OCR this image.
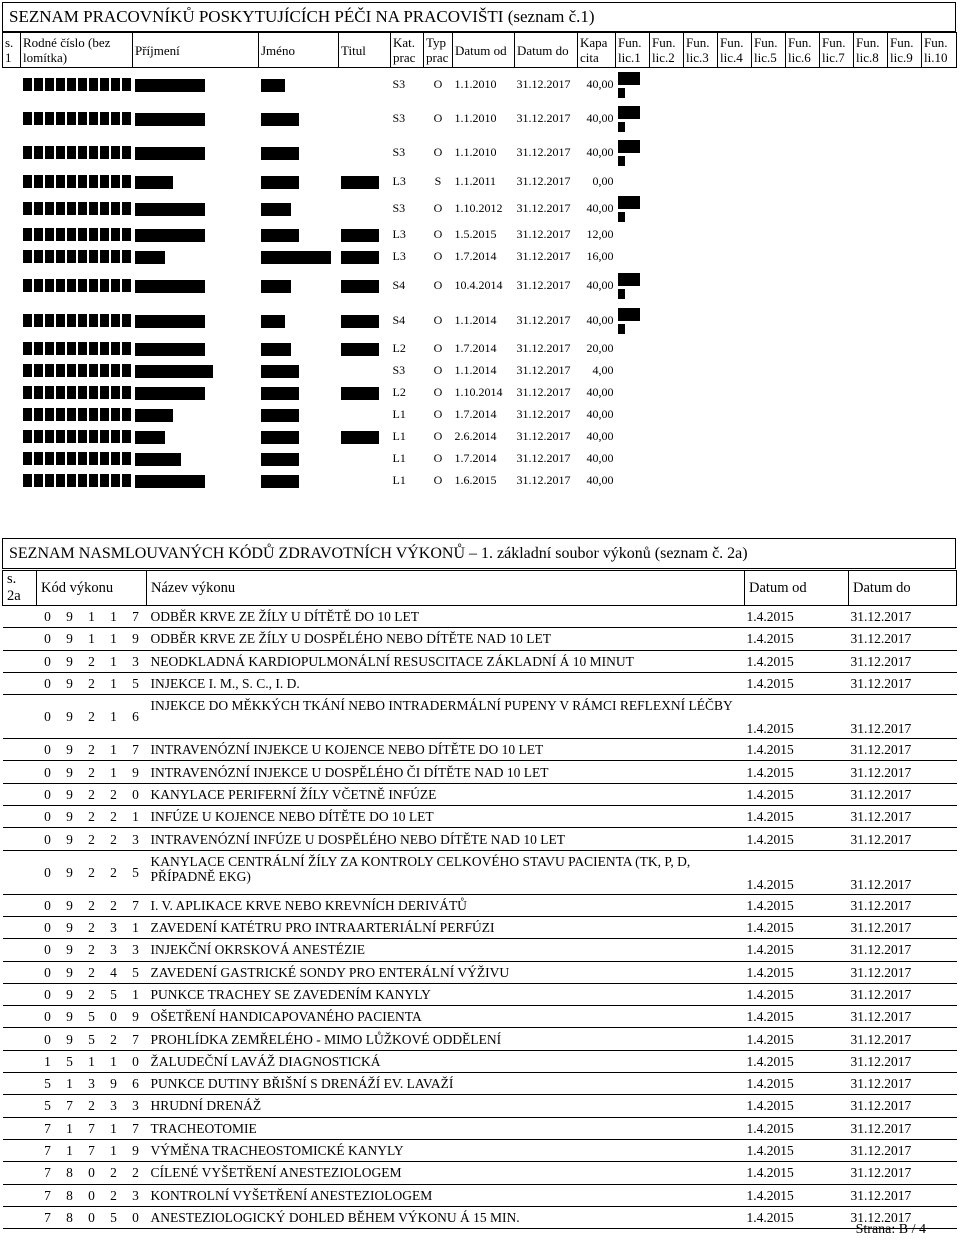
SEZNAM PRACOVNÍKŮ POSKYTUJÍCÍCH PÉČI NA PRACOVIŠTI (seznam č.1)
s. 1	Rodné číslo (bez lomítka)	Příjmení	Jméno	Titul	Kat. prac	Typ prac	Datum od	Datum do	Kapa cita	Fun. lic.1	Fun. lic.2	Fun. lic.3	Fun. lic.4	Fun. lic.5	Fun. lic.6	Fun. lic.7	Fun. lic.8	Fun. lic.9	Fun. li.10

				S3	O	1.1.2010	31.12.2017	40,00	

				S3	O	1.1.2010	31.12.2017	40,00	

				S3	O	1.1.2010	31.12.2017	40,00	

				L3	S	1.1.2011	31.12.2017	0,00										

				S3	O	1.10.2012	31.12.2017	40,00	

				L3	O	1.5.2015	31.12.2017	12,00										

				L3	O	1.7.2014	31.12.2017	16,00										

				S4	O	10.4.2014	31.12.2017	40,00	

				S4	O	1.1.2014	31.12.2017	40,00	

				L2	O	1.7.2014	31.12.2017	20,00										

				S3	O	1.1.2014	31.12.2017	4,00										

				L2	O	1.10.2014	31.12.2017	40,00										

				L1	O	1.7.2014	31.12.2017	40,00										

				L1	O	2.6.2014	31.12.2017	40,00										

				L1	O	1.7.2014	31.12.2017	40,00										

				L1	O	1.6.2015	31.12.2017	40,00										
SEZNAM NASMLOUVANÝCH KÓDŮ ZDRAVOTNÍCH VÝKONŮ – 1. základní soubor výkonů (seznam č. 2a)
s. 2a	Kód výkonu					Název výkonu	Datum od	Datum do
	0	9	1	1	7	ODBĚR KRVE ZE ŽÍLY U DÍTĚTĚ DO 10 LET	1.4.2015	31.12.2017
	0	9	1	1	9	ODBĚR KRVE ZE ŽÍLY U DOSPĚLÉHO NEBO DÍTĚTE NAD 10 LET	1.4.2015	31.12.2017
	0	9	2	1	3	NEODKLADNÁ KARDIOPULMONÁLNÍ RESUSCITACE ZÁKLADNÍ Á 10 MINUT	1.4.2015	31.12.2017
	0	9	2	1	5	INJEKCE I. M., S. C., I. D.	1.4.2015	31.12.2017
	0	9	2	1	6	INJEKCE DO MĚKKÝCH TKÁNÍ NEBO INTRADERMÁLNÍ PUPENY V RÁMCI REFLEXNÍ LÉČBY	1.4.2015	31.12.2017
	0	9	2	1	7	INTRAVENÓZNÍ INJEKCE U KOJENCE NEBO DÍTĚTE DO 10 LET	1.4.2015	31.12.2017
	0	9	2	1	9	INTRAVENÓZNÍ INJEKCE U DOSPĚLÉHO ČI DÍTĚTE NAD 10 LET	1.4.2015	31.12.2017
	0	9	2	2	0	KANYLACE PERIFERNÍ ŽÍLY VČETNĚ INFÚZE	1.4.2015	31.12.2017
	0	9	2	2	1	INFÚZE U KOJENCE NEBO DÍTĚTE DO 10 LET	1.4.2015	31.12.2017
	0	9	2	2	3	INTRAVENÓZNÍ INFÚZE U DOSPĚLÉHO NEBO DÍTĚTE NAD 10 LET	1.4.2015	31.12.2017
	0	9	2	2	5	KANYLACE CENTRÁLNÍ ŽÍLY ZA KONTROLY CELKOVÉHO STAVU PACIENTA (TK, P, D, PŘÍPADNĚ EKG)	1.4.2015	31.12.2017
	0	9	2	2	7	I. V. APLIKACE KRVE NEBO KREVNÍCH DERIVÁTŮ	1.4.2015	31.12.2017
	0	9	2	3	1	ZAVEDENÍ KATÉTRU PRO INTRAARTERIÁLNÍ PERFÚZI	1.4.2015	31.12.2017
	0	9	2	3	3	INJEKČNÍ OKRSKOVÁ ANESTÉZIE	1.4.2015	31.12.2017
	0	9	2	4	5	ZAVEDENÍ GASTRICKÉ SONDY PRO ENTERÁLNÍ VÝŽIVU	1.4.2015	31.12.2017
	0	9	2	5	1	PUNKCE TRACHEY SE ZAVEDENÍM KANYLY	1.4.2015	31.12.2017
	0	9	5	0	9	OŠETŘENÍ HANDICAPOVANÉHO PACIENTA	1.4.2015	31.12.2017
	0	9	5	2	7	PROHLÍDKA ZEMŘELÉHO - MIMO LŮŽKOVÉ ODDĚLENÍ	1.4.2015	31.12.2017
	1	5	1	1	0	ŽALUDEČNÍ LAVÁŽ DIAGNOSTICKÁ	1.4.2015	31.12.2017
	5	1	3	9	6	PUNKCE DUTINY BŘIŠNÍ S DRENÁŽÍ EV. LAVAŽÍ	1.4.2015	31.12.2017
	5	7	2	3	3	HRUDNÍ DRENÁŽ	1.4.2015	31.12.2017
	7	1	7	1	7	TRACHEOTOMIE	1.4.2015	31.12.2017
	7	1	7	1	9	VÝMĚNA TRACHEOSTOMICKÉ KANYLY	1.4.2015	31.12.2017
	7	8	0	2	2	CÍLENÉ VYŠETŘENÍ ANESTEZIOLOGEM	1.4.2015	31.12.2017
	7	8	0	2	3	KONTROLNÍ VYŠETŘENÍ ANESTEZIOLOGEM	1.4.2015	31.12.2017
	7	8	0	5	0	ANESTEZIOLOGICKÝ DOHLED BĚHEM VÝKONU Á 15 MIN.	1.4.2015	31.12.2017
Strana: B / 4
